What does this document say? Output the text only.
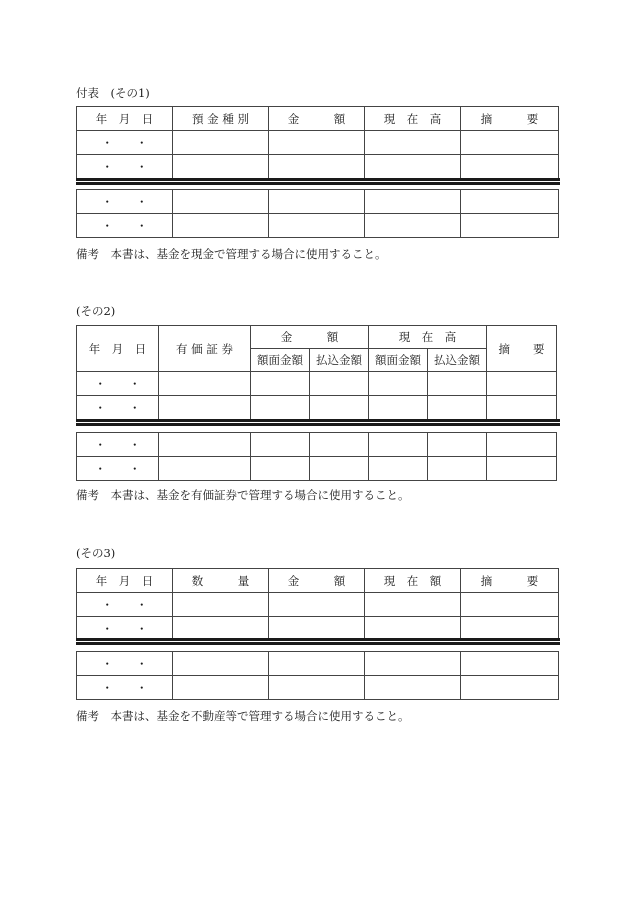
付表　(その1)
年　月　日	預 金 種 別	金　　　額	現　在　高	摘　　　要
・　　・				
・　　・				
・　　・				
・　　・				
備考　本書は、基金を現金で管理する場合に使用すること。
(その2)
年　月　日	有 価 証 券	金　　　額		現　在　高		摘　　要
		額面金額	払込金額	額面金額	払込金額	
・　　・						
・　　・						
・　　・						
・　　・						
備考　本書は、基金を有価証券で管理する場合に使用すること。
(その3)
年　月　日	数　　　量	金　　　額	現　在　額	摘　　　要
・　　・				
・　　・				
・　　・				
・　　・				
備考　本書は、基金を不動産等で管理する場合に使用すること。
